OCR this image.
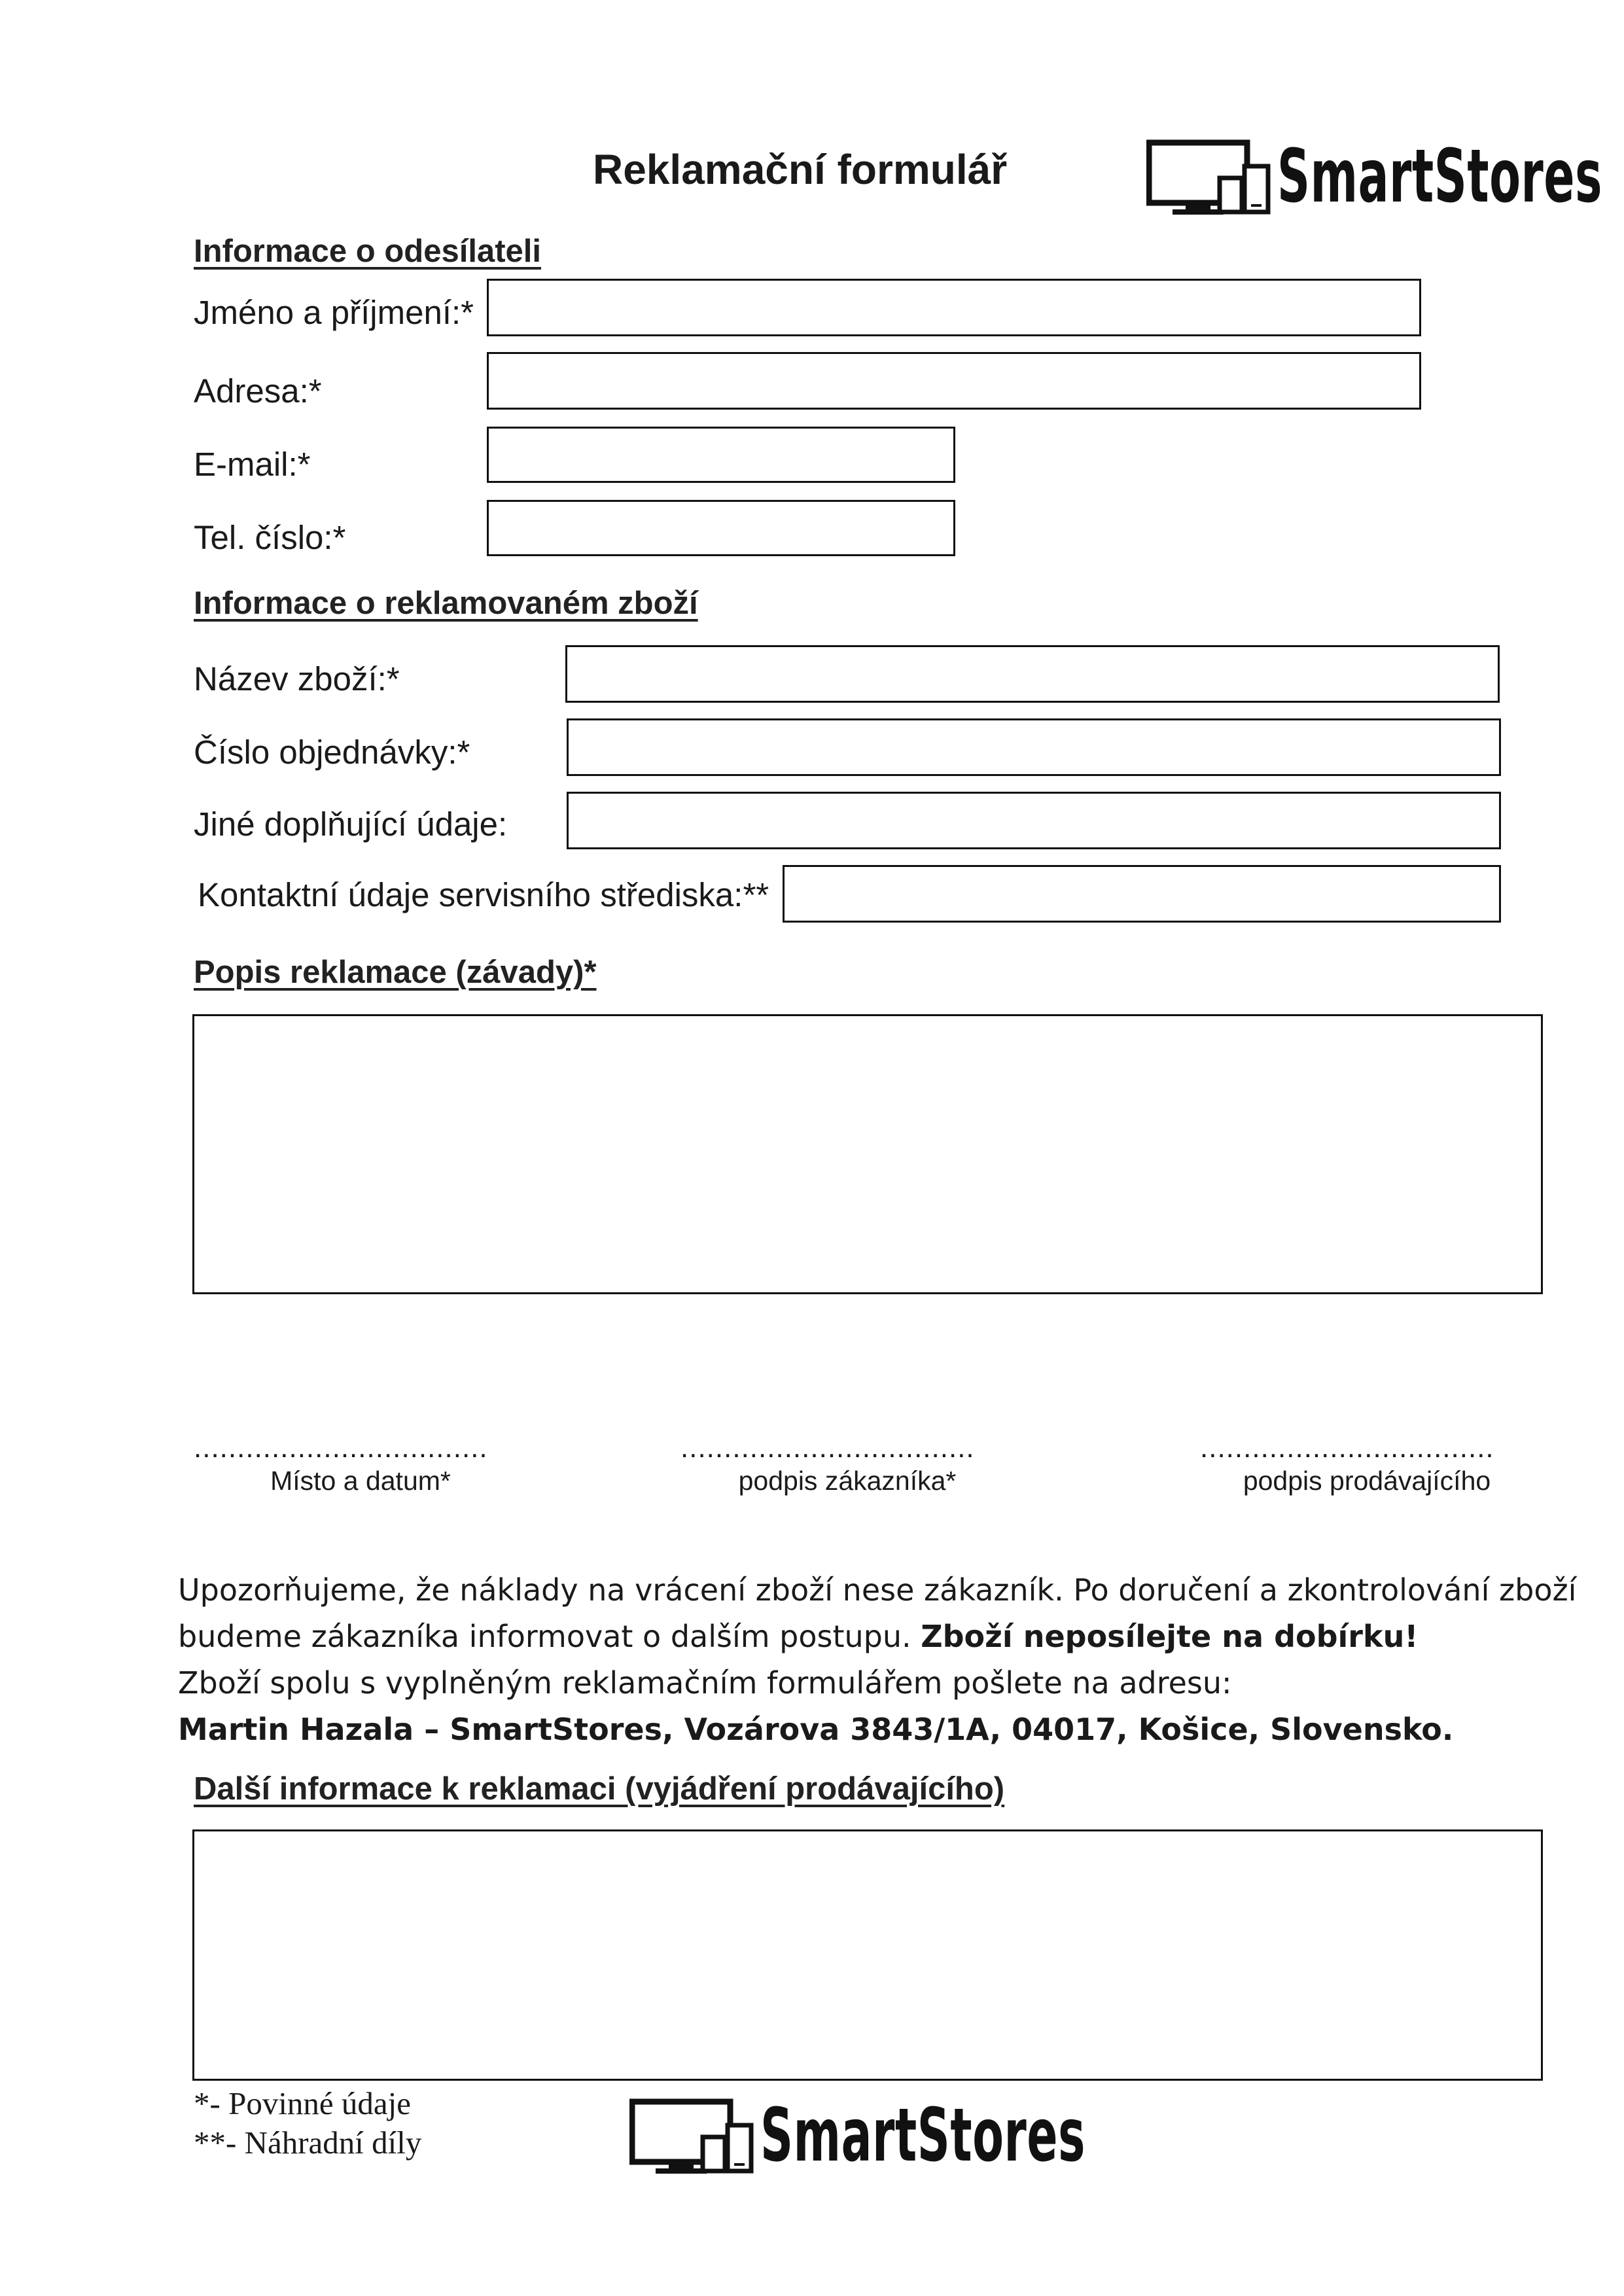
Reklamační formulář	SmartStores
Informace o odesílateli
Jméno a příjmení:*
Adresa:*
E-mail:*
Tel. číslo:*
Informace o reklamovaném zboží
Název zboží:*
Číslo objednávky:*
Jiné doplňující údaje:
Kontaktní údaje servisního střediska:**
Popis reklamace (závady)*
..................................
Místo a datum*
..................................
podpis zákazníka*
..................................
podpis prodávajícího

Upozorňujeme, že náklady na vrácení zboží nese zákazník. Po doručení a zkontrolování zboží budeme zákazníka informovat o dalším postupu. Zboží neposílejte na dobírku!

Zboží spolu s vyplněným reklamačním formulářem pošlete na adresu:

Martin Hazala – SmartStores, Vozárova 3843/1A, 04017, Košice, Slovensko.

Další informace k reklamaci (vyjádření prodávajícího)
*- Povinné údaje
**- Náhradní díly	SmartStores
